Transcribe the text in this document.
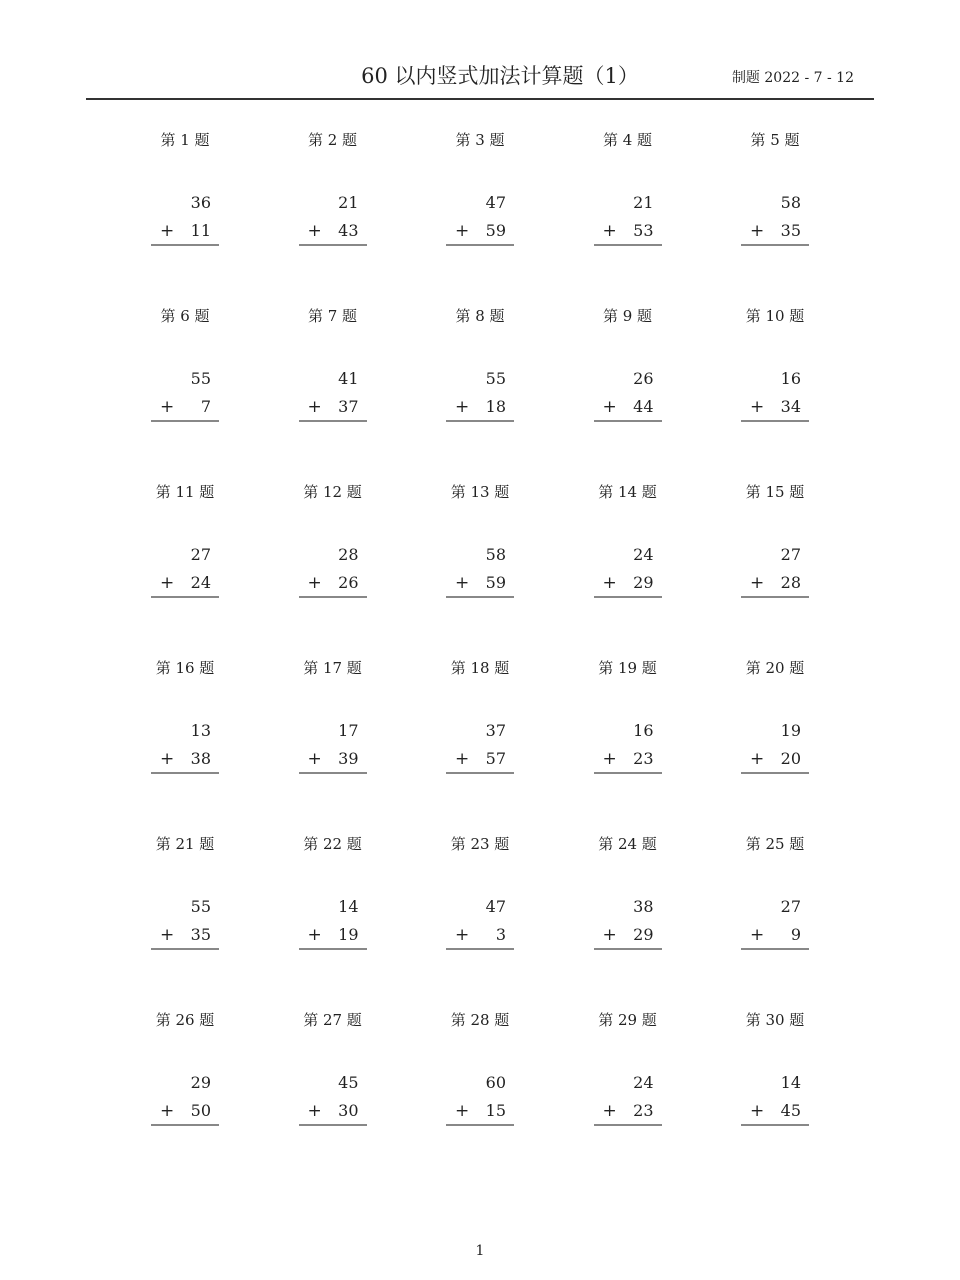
60 以内竖式加法计算题（1）	制题 2022 - 7 - 12
第 1 题
36
+ 11
第 2 题
21
+ 43
第 3 题
47
+ 59
第 4 题
21
+ 53
第 5 题
58
+ 35
第 6 题
55
+ 7
第 7 题
41
+ 37
第 8 题
55
+ 18
第 9 题
26
+ 44
第 10 题
16
+ 34
第 11 题
27
+ 24
第 12 题
28
+ 26
第 13 题
58
+ 59
第 14 题
24
+ 29
第 15 题
27
+ 28
第 16 题
13
+ 38
第 17 题
17
+ 39
第 18 题
37
+ 57
第 19 题
16
+ 23
第 20 题
19
+ 20
第 21 题
55
+ 35
第 22 题
14
+ 19
第 23 题
47
+ 3
第 24 题
38
+ 29
第 25 题
27
+ 9
第 26 题
29
+ 50
第 27 题
45
+ 30
第 28 题
60
+ 15
第 29 题
24
+ 23
第 30 题
14
+ 45
1
